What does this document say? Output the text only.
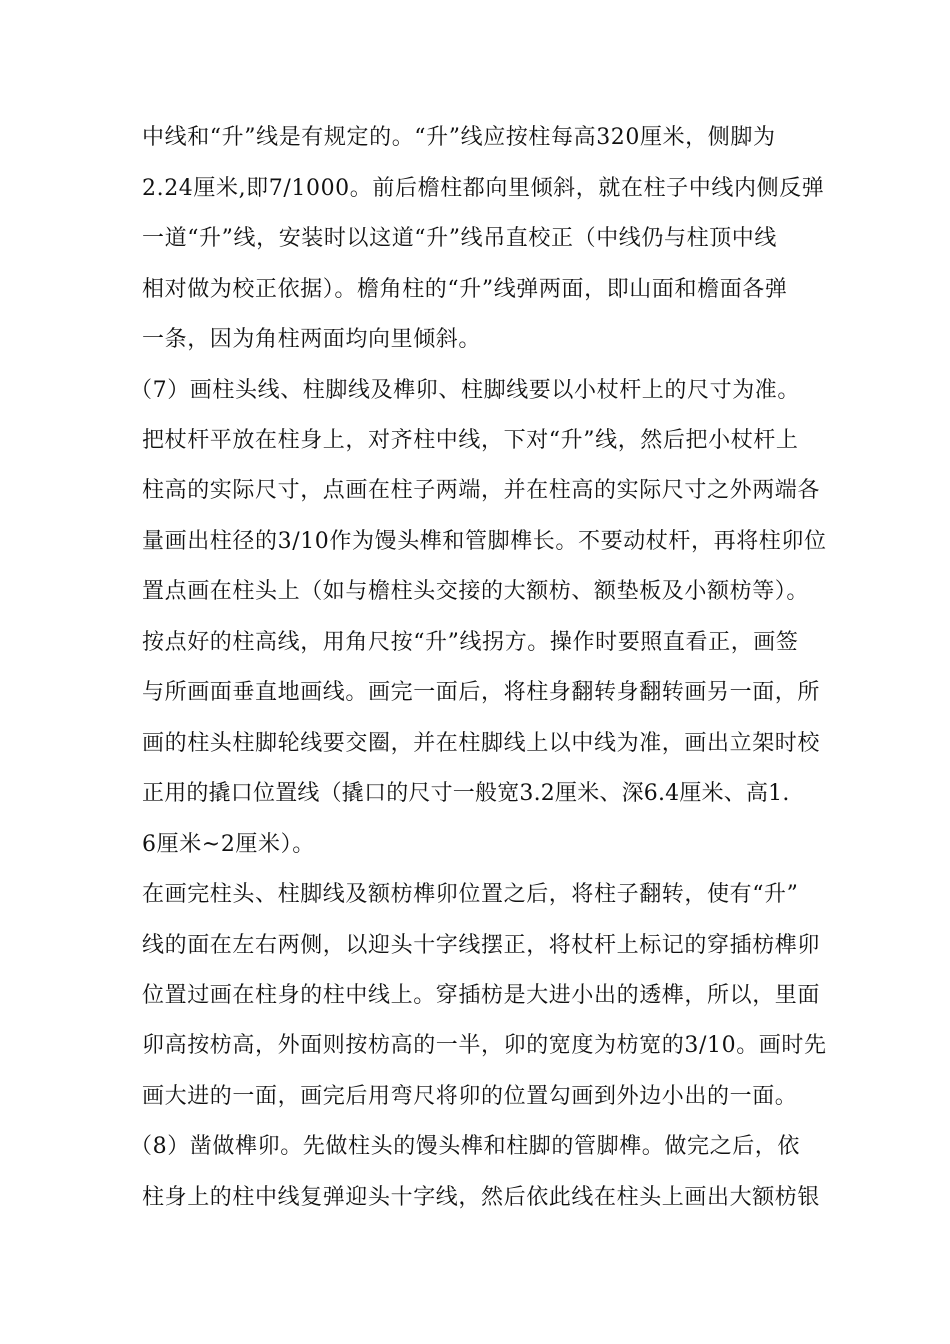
中线和“升”线是有规定的。“升”线应按柱每高320厘米，侧脚为
2.24厘米,即7/1000。前后檐柱都向里倾斜，就在柱子中线内侧反弹
一道“升”线，安装时以这道“升”线吊直校正（中线仍与柱顶中线
相对做为校正依据）。檐角柱的“升”线弹两面，即山面和檐面各弹
一条，因为角柱两面均向里倾斜。
（7）画柱头线、柱脚线及榫卯、柱脚线要以小杖杆上的尺寸为准。
把杖杆平放在柱身上，对齐柱中线，下对“升”线，然后把小杖杆上
柱高的实际尺寸，点画在柱子两端，并在柱高的实际尺寸之外两端各
量画出柱径的3/10作为馒头榫和管脚榫长。不要动杖杆，再将柱卯位
置点画在柱头上（如与檐柱头交接的大额枋、额垫板及小额枋等）。
按点好的柱高线，用角尺按“升”线拐方。操作时要照直看正，画签
与所画面垂直地画线。画完一面后，将柱身翻转身翻转画另一面，所
画的柱头柱脚轮线要交圈，并在柱脚线上以中线为准，画出立架时校
正用的撬口位置线（撬口的尺寸一般宽3.2厘米、深6.4厘米、高1.
6厘米~2厘米）。
在画完柱头、柱脚线及额枋榫卯位置之后，将柱子翻转，使有“升”
线的面在左右两侧，以迎头十字线摆正，将杖杆上标记的穿插枋榫卯
位置过画在柱身的柱中线上。穿插枋是大进小出的透榫，所以，里面
卯高按枋高，外面则按枋高的一半，卯的宽度为枋宽的3/10。画时先
画大进的一面，画完后用弯尺将卯的位置勾画到外边小出的一面。
（8）凿做榫卯。先做柱头的馒头榫和柱脚的管脚榫。做完之后，依
柱身上的柱中线复弹迎头十字线，然后依此线在柱头上画出大额枋银
